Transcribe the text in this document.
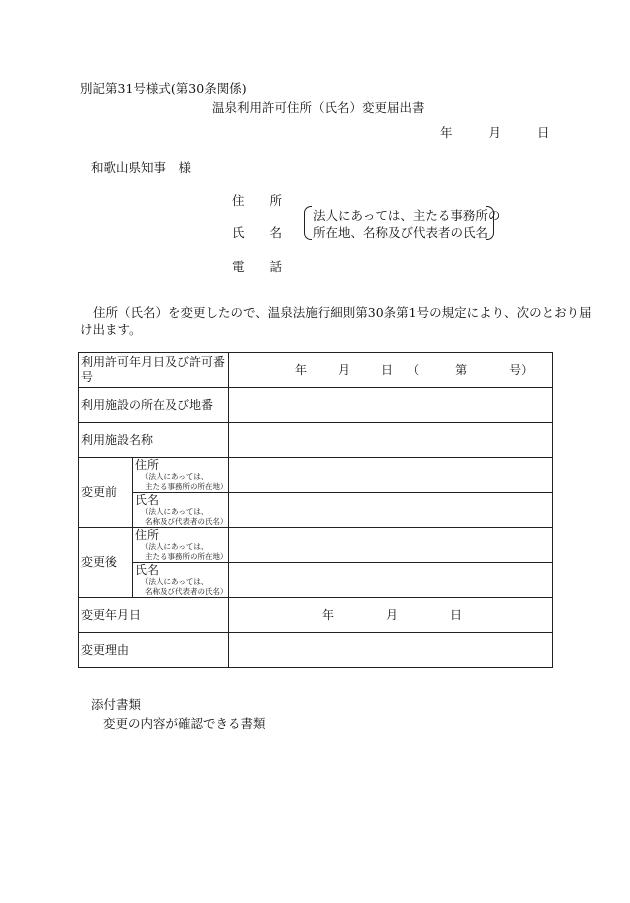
別記第31号様式(第30条関係)
温泉利用許可住所（氏名）変更届出書
年	月	日
和歌山県知事　様
住　　所
氏　　名
電　　話
法人にあっては、主たる事務所の
所在地、名称及び代表者の氏名
住所（氏名）を変更したので、温泉法施行細則第30条第1号の規定により、次のとおり届
け出ます。
利用許可年月日及び許可番
号		年 月 日 （ 第 号）
利用施設の所在及び地番		
利用施設名称		
変更前	住所
（法人にあっては、
主たる事務所の所在地）	

	氏名
（法人にあっては、
名称及び代表者の氏名）	

変更後	住所
（法人にあっては、
主たる事務所の所在地）	

	氏名
（法人にあっては、
名称及び代表者の氏名）	

変更年月日		年 月 日
変更理由		
添付書類
変更の内容が確認できる書類
